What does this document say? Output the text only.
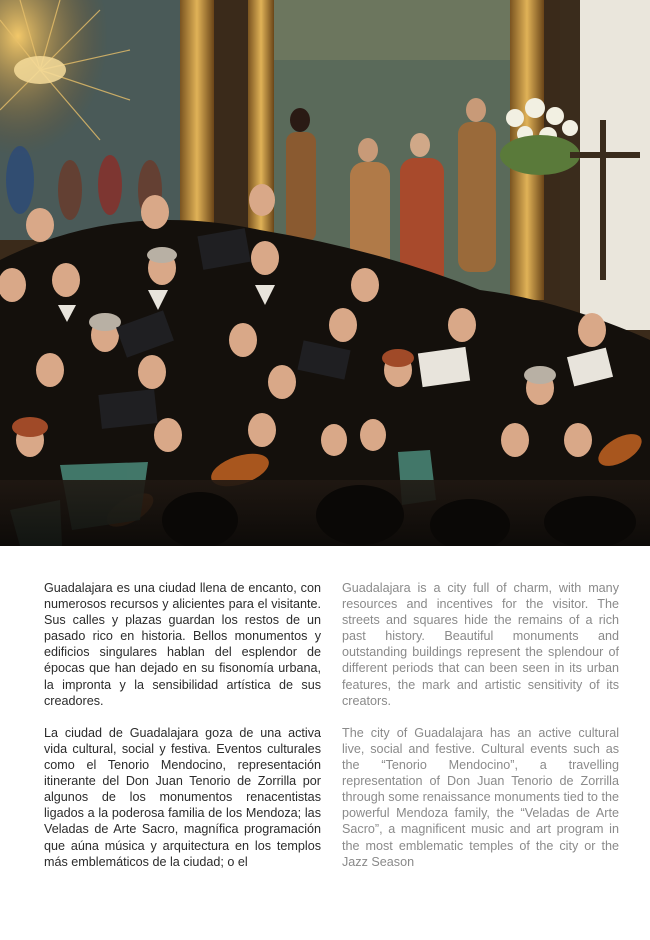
Guadalajara es una ciudad llena de encanto, con numerosos recursos y alicientes para el visitante. Sus calles y plazas guardan los restos de un pasado rico en historia. Bellos monumentos y edificios singulares hablan del esplendor de épocas que han dejado en su fisonomía urbana, la impronta y la sensibilidad artística de sus creadores.

La ciudad de Guadalajara goza de una activa vida cultural, social y festiva. Eventos culturales como el Tenorio Mendocino, representación itinerante del Don Juan Tenorio de Zorrilla por algunos de los monumentos renacentistas ligados a la poderosa familia de los Mendoza; las Veladas de Arte Sacro, magnífica programación que aúna música y arquitectura en los templos más emblemáticos de la ciudad; o el

Guadalajara is a city full of charm, with many resources and incentives for the visitor. The streets and squares hide the remains of a rich past history. Beautiful monuments and outstanding buildings represent the splendour of different periods that can been seen in its urban features, the mark and artistic sensitivity of its creators.

The city of Guadalajara has an active cultural live, social and festive. Cultural events such as the “Tenorio Mendocino”, a travelling representation of Don Juan Tenorio de Zorrilla through some renaissance monuments tied to the powerful Mendoza family, the “Veladas de Arte Sacro”, a magnificent music and art program in the most emblematic temples of the city or the Jazz Season
